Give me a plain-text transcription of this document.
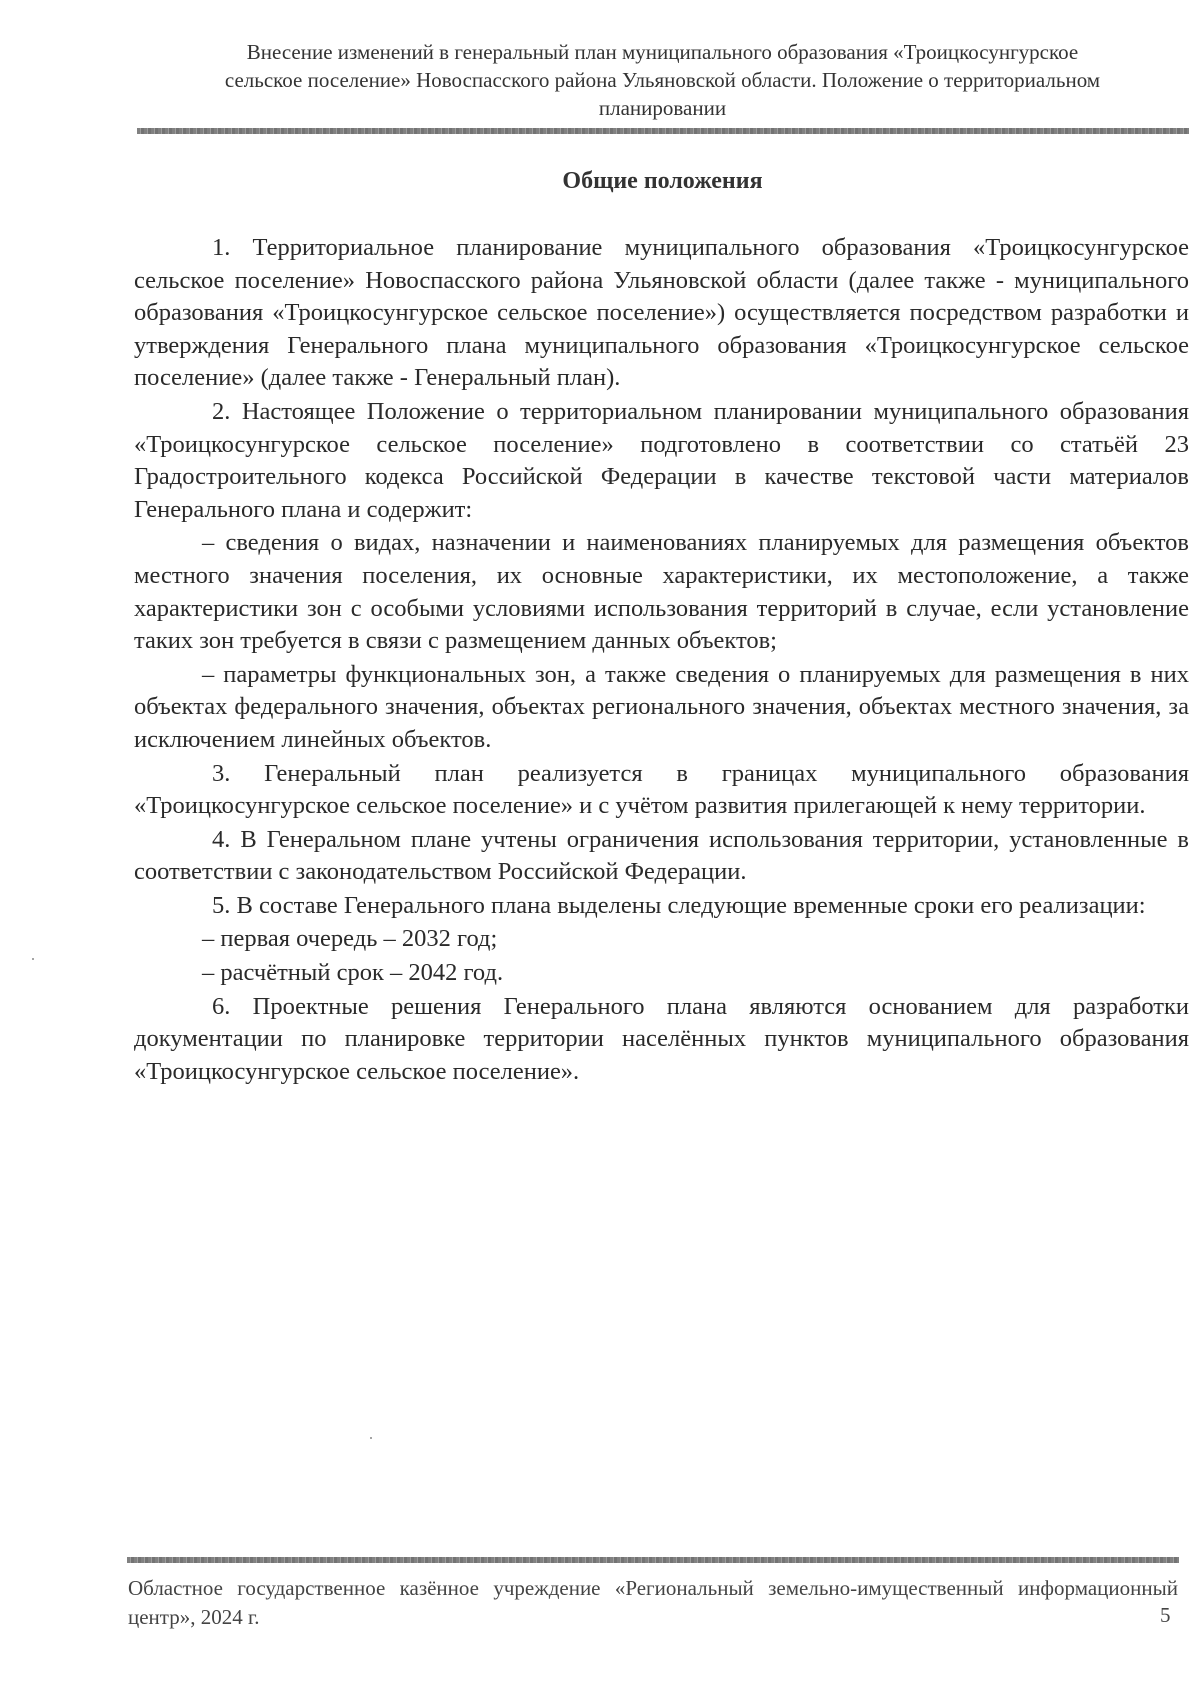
Внесение изменений в генеральный план муниципального образования «Троицкосунгурское
сельское поселение» Новоспасского района Ульяновской области. Положение о территориальном
планировании
Общие положения

1. Территориальное планирование муниципального образования «Троицкосунгурское сельское поселение» Новоспасского района Ульяновской области (далее также - муниципального образования «Троицкосунгурское сельское поселение») осуществляется посредством разработки и утверждения Генерального плана муниципального образования «Троицкосунгурское сельское поселение» (далее также - Генеральный план).

2. Настоящее Положение о территориальном планировании муниципального образования «Троицкосунгурское сельское поселение» подготовлено в соответствии со статьёй 23 Градостроительного кодекса Российской Федерации в качестве текстовой части материалов Генерального плана и содержит:

– сведения о видах, назначении и наименованиях планируемых для размещения объектов местного значения поселения, их основные характеристики, их местоположение, а также характеристики зон с особыми условиями использования территорий в случае, если установление таких зон требуется в связи с размещением данных объектов;

– параметры функциональных зон, а также сведения о планируемых для размещения в них объектах федерального значения, объектах регионального значения, объектах местного значения, за исключением линейных объектов.

3. Генеральный план реализуется в границах муниципального образования «Троицкосунгурское сельское поселение» и с учётом развития прилегающей к нему территории.

4. В Генеральном плане учтены ограничения использования территории, установленные в соответствии с законодательством Российской Федерации.

5. В составе Генерального плана выделены следующие временные сроки его реализации:

– первая очередь – 2032 год;

– расчётный срок – 2042 год.

6. Проектные решения Генерального плана являются основанием для разработки документации по планировке территории населённых пунктов муниципального образования «Троицкосунгурское сельское поселение».

Областное государственное казённое учреждение «Региональный земельно-имущественный информационный центр», 2024 г.	5
